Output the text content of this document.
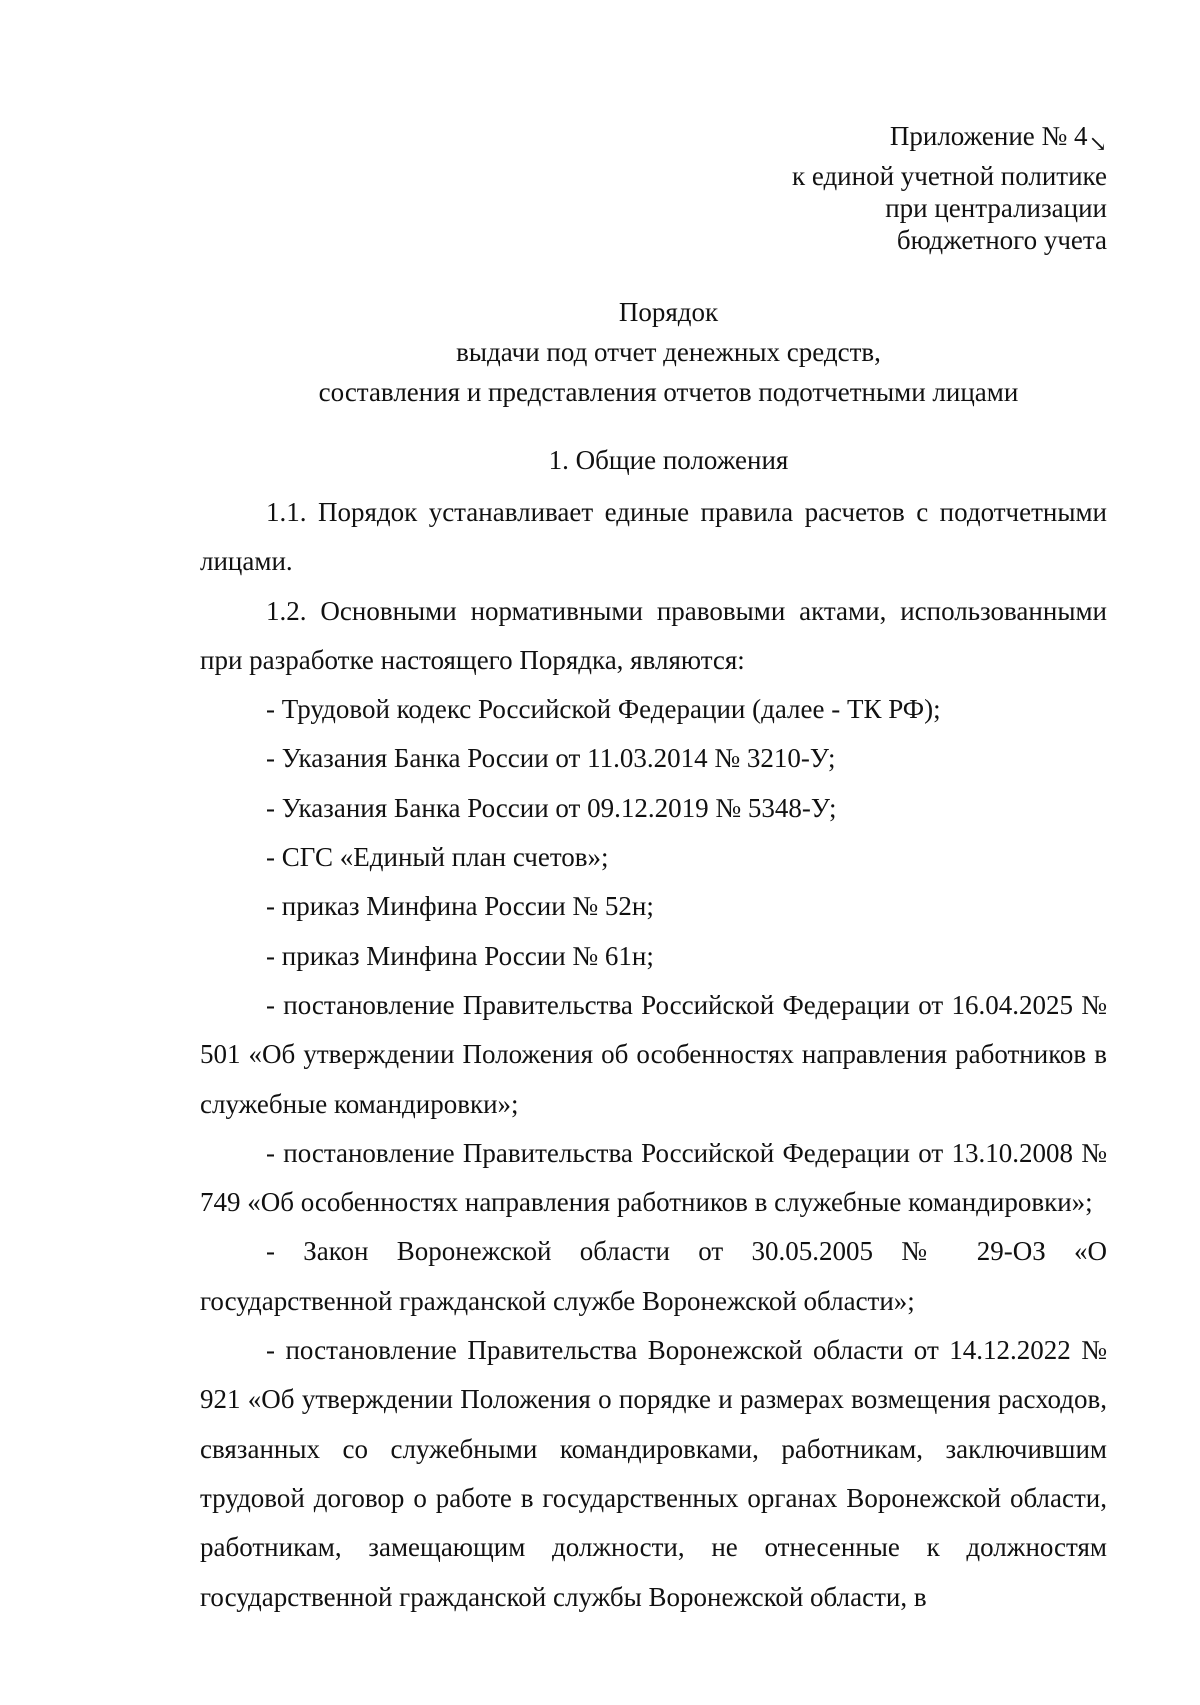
Приложение № $4_↘$
к единой учетной политике
при централизации
бюджетного учета
Порядок
выдачи под отчет денежных средств,
составления и представления отчетов подотчетными лицами
1. Общие положения

1.1. Порядок устанавливает единые правила расчетов с подотчетными лицами.

1.2. Основными нормативными правовыми актами, использованными при разработке настоящего Порядка, являются:

- Трудовой кодекс Российской Федерации (далее - ТК РФ);

- Указания Банка России от 11.03.2014 № 3210-У;

- Указания Банка России от 09.12.2019 № 5348-У;

- СГС «Единый план счетов»;

- приказ Минфина России № 52н;

- приказ Минфина России № 61н;

- постановление Правительства Российской Федерации от 16.04.2025 № 501 «Об утверждении Положения об особенностях направления работников в служебные командировки»;

- постановление Правительства Российской Федерации от 13.10.2008 № 749 «Об особенностях направления работников в служебные командировки»;

- Закон Воронежской области от 30.05.2005 № 29-ОЗ «О государственной гражданской службе Воронежской области»;

- постановление Правительства Воронежской области от 14.12.2022 № 921 «Об утверждении Положения о порядке и размерах возмещения расходов, связанных со служебными командировками, работникам, заключившим трудовой договор о работе в государственных органах Воронежской области, работникам, замещающим должности, не отнесенные к должностям государственной гражданской службы Воронежской области, в
